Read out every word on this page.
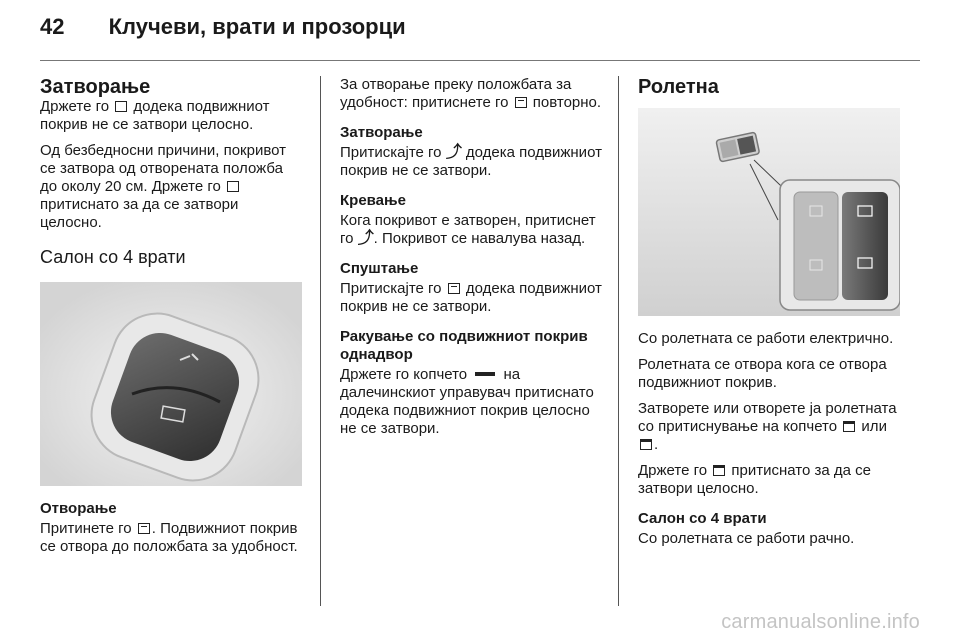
42 Клучеви, врати и прозорци
Затворање

Држете го  додека подвижниот покрив не се затвори целосно.

Од безбедносни причини, покривот се затвора од отворената положба до околу 20 см. Држете го  притиснато за да се затвори целосно.

Салон со 4 врати
Отворање

Притинете го . Подвижниот покрив се отвора до положбата за удобност.

За отворање преку положбата за удобност: притиснете го  повторно.

Затворање

Притискајте го ⤴ додека подвижниот покрив не се затвори.

Кревање

Кога покривот е затворен, притиснет го ⤴. Покривот се навалува назад.

Спуштање

Притискајте го  додека подвижниот покрив не се затвори.

Ракување со подвижниот покрив однадвор

Држете го копчето  на далечинскиот управувач притиснато додека подвижниот покрив целосно не се затвори.

Ролетна

Со ролетната се работи електрично.

Ролетната се отвора кога се отвора подвижниот покрив.

Затворете или отворете ја ролетната со притиснување на копчето  или .

Држете го  притиснато за да се затвори целосно.

Салон со 4 врати

Со ролетната се работи рачно.

carmanualsonline.info
